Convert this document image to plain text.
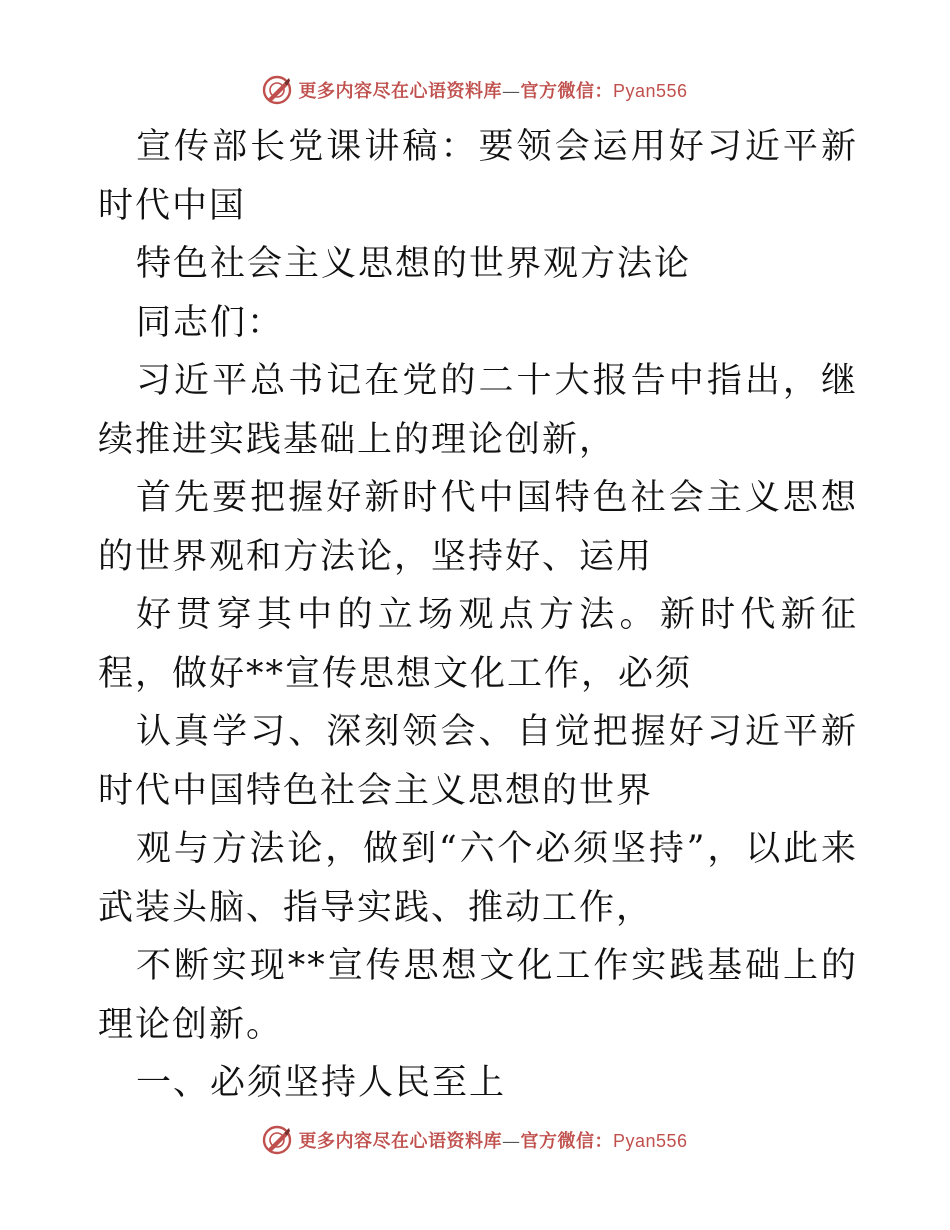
更多内容尽在心语资料库—官方微信：Pyan556

宣传部长党课讲稿：要领会运用好习近平新时代中国

特色社会主义思想的世界观方法论

同志们：

习近平总书记在党的二十大报告中指出，继续推进实践基础上的理论创新，

首先要把握好新时代中国特色社会主义思想的世界观和方法论，坚持好、运用

好贯穿其中的立场观点方法。新时代新征程，做好**宣传思想文化工作，必须

认真学习、深刻领会、自觉把握好习近平新时代中国特色社会主义思想的世界

观与方法论，做到“六个必须坚持”，以此来武装头脑、指导实践、推动工作，

不断实现**宣传思想文化工作实践基础上的理论创新。

一、必须坚持人民至上

更多内容尽在心语资料库—官方微信：Pyan556
